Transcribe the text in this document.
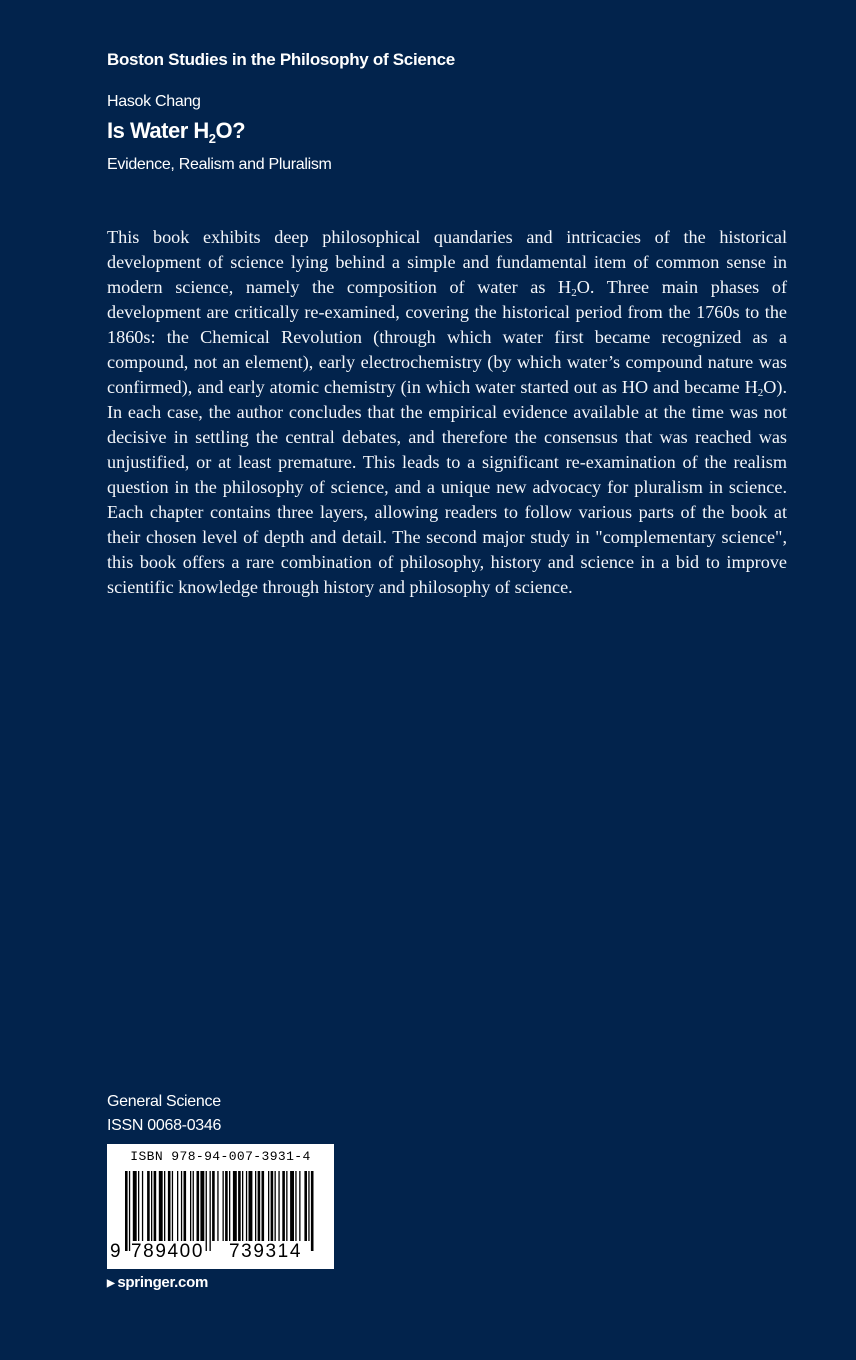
Boston Studies in the Philosophy of Science
Hasok Chang
Is Water $H_2O$?
Evidence, Realism and Pluralism
This book exhibits deep philosophical quandaries and intricacies of the historical development of science lying behind a simple and fundamental item of common sense in modern science, namely the composition of water as $H_2O$. Three main phases of development are critically re-examined, covering the historical period from the 1760s to the 1860s: the Chemical Revolution (through which water first became recognized as a compound, not an element), early electrochemistry (by which water’s compound nature was confirmed), and early atomic chemistry (in which water started out as HO and became $H_2O$). In each case, the author concludes that the empirical evidence available at the time was not decisive in settling the central debates, and therefore the consensus that was reached was unjustified, or at least premature. This leads to a significant re-examination of the realism question in the philosophy of science, and a unique new advocacy for pluralism in science. Each chapter contains three layers, allowing readers to follow various parts of the book at their chosen level of depth and detail. The second major study in "complementary science", this book offers a rare combination of philosophy, history and science in a bid to improve scientific knowledge through history and philosophy of science.
General Science
ISSN 0068-0346
ISBN 978-94-007-3931-4
9 789400 739314
▶ springer.com
